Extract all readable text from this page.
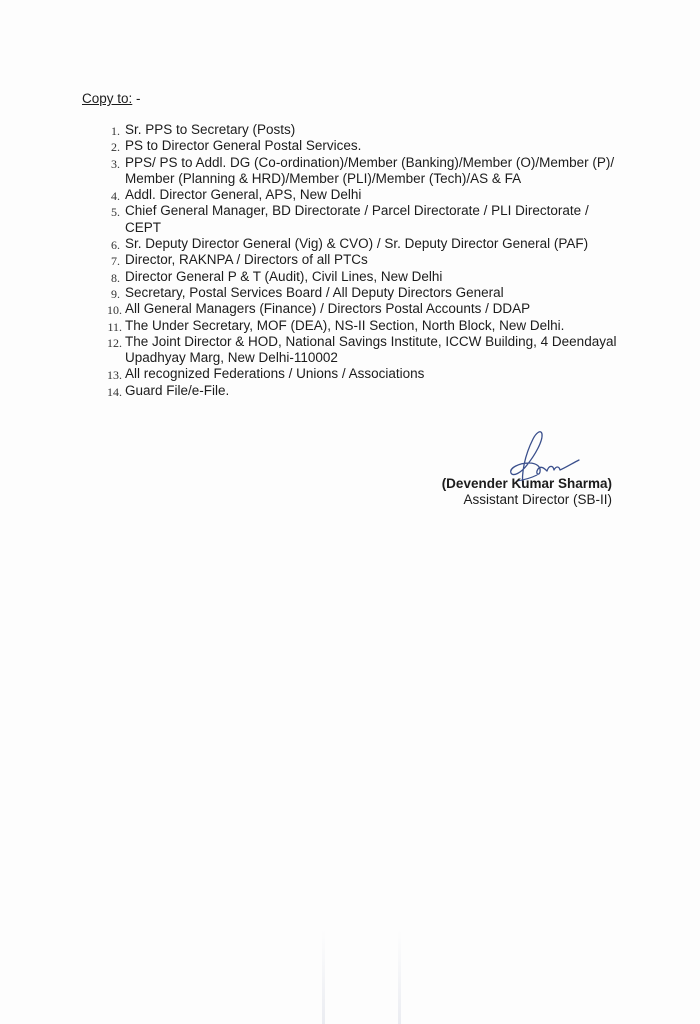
Copy to: -
1. Sr. PPS to Secretary (Posts)
2. PS to Director General Postal Services.
3. PPS/ PS to Addl. DG (Co-ordination)/Member (Banking)/Member (O)/Member (P)/ Member (Planning & HRD)/Member (PLI)/Member (Tech)/AS & FA
4. Addl. Director General, APS, New Delhi
5. Chief General Manager, BD Directorate / Parcel Directorate / PLI Directorate / CEPT
6. Sr. Deputy Director General (Vig) & CVO) / Sr. Deputy Director General (PAF)
7. Director, RAKNPA / Directors of all PTCs
8. Director General P & T (Audit), Civil Lines, New Delhi
9. Secretary, Postal Services Board / All Deputy Directors General
10. All General Managers (Finance) / Directors Postal Accounts / DDAP
11. The Under Secretary, MOF (DEA), NS-II Section, North Block, New Delhi.
12. The Joint Director & HOD, National Savings Institute, ICCW Building, 4 Deendayal Upadhyay Marg, New Delhi-110002
13. All recognized Federations / Unions / Associations
14. Guard File/e-File.
(Devender Kumar Sharma)
Assistant Director (SB-II)
